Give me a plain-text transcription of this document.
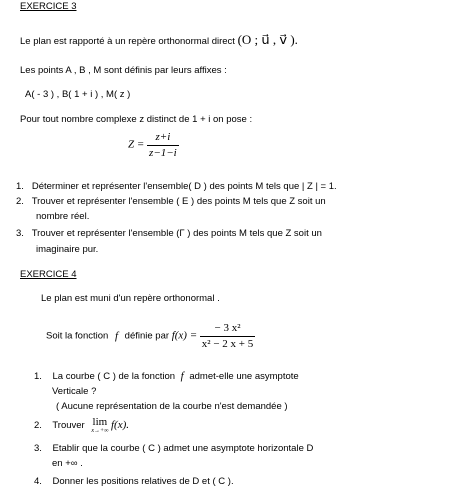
EXERCICE 3
Le plan est rapporté à un repère orthonormal direct (O ; u⃗ , v⃗ ).
Les points A , B , M sont définis par leurs affixes :
A( - 3 ) , B( 1 + i ) , M( z )
Pour tout nombre complexe z distinct de 1 + i on pose :
$Z = \frac{z+i}{z-1-i}$
1. Déterminer et représenter l'ensemble( D ) des points M tels que | Z | = 1.
2. Trouver et représenter l'ensemble ( E ) des points M tels que Z soit un
nombre réel.
3. Trouver et représenter l'ensemble (Γ ) des points M tels que Z soit un
imaginaire pur.
EXERCICE 4
Le plan est muni d'un repère orthonormal .
Soit la fonction f définie par $f(x) = \frac{\text{− 3 x²}}{\text{x² − 2 x + 5}}$
1. La courbe ( C ) de la fonction f admet-elle une asymptote
Verticale ?
( Aucune représentation de la courbe n'est demandée )
2. Trouver lim
x→+∞ f(x).
3. Etablir que la courbe ( C ) admet une asymptote horizontale D
en +∞ .
4. Donner les positions relatives de D et ( C ).
